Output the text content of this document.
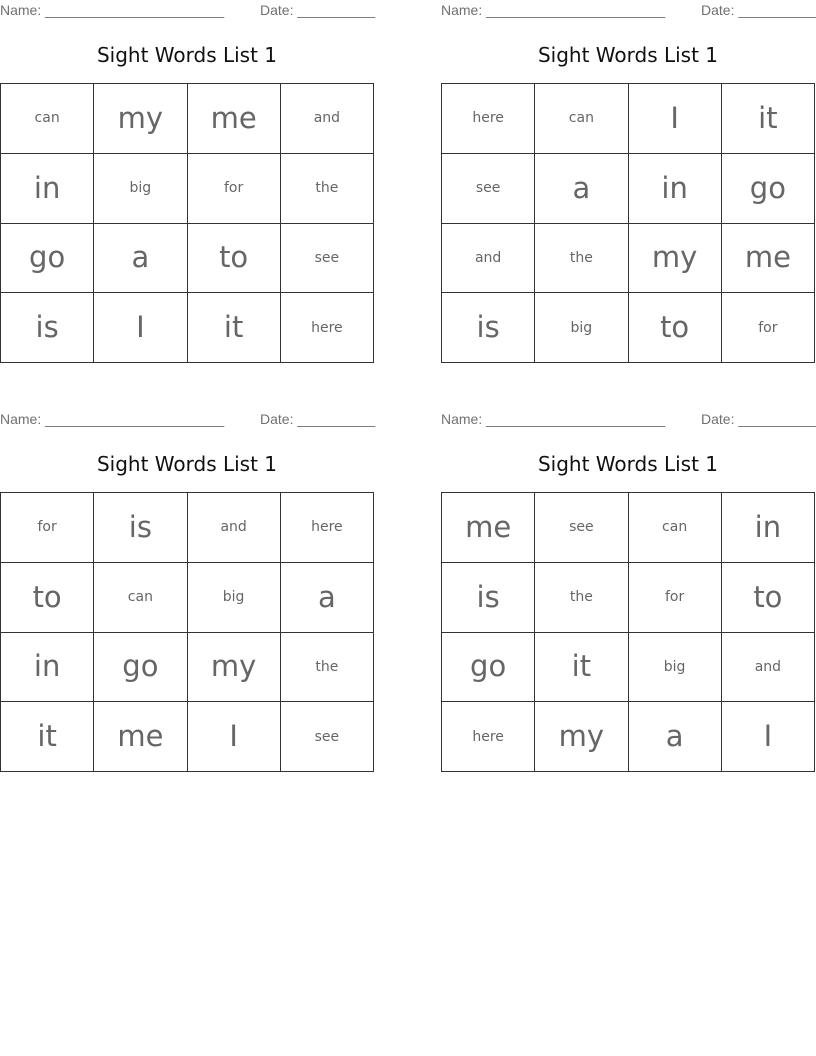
Name: _______________________	Date: __________
Sight Words List 1
can	my	me	and
in	big	for	the
go	a	to	see
is	I	it	here
Name: _______________________	Date: __________
Sight Words List 1
here	can	I	it
see	a	in	go
and	the	my	me
is	big	to	for
Name: _______________________	Date: __________
Sight Words List 1
for	is	and	here
to	can	big	a
in	go	my	the
it	me	I	see
Name: _______________________	Date: __________
Sight Words List 1
me	see	can	in
is	the	for	to
go	it	big	and
here	my	a	I
